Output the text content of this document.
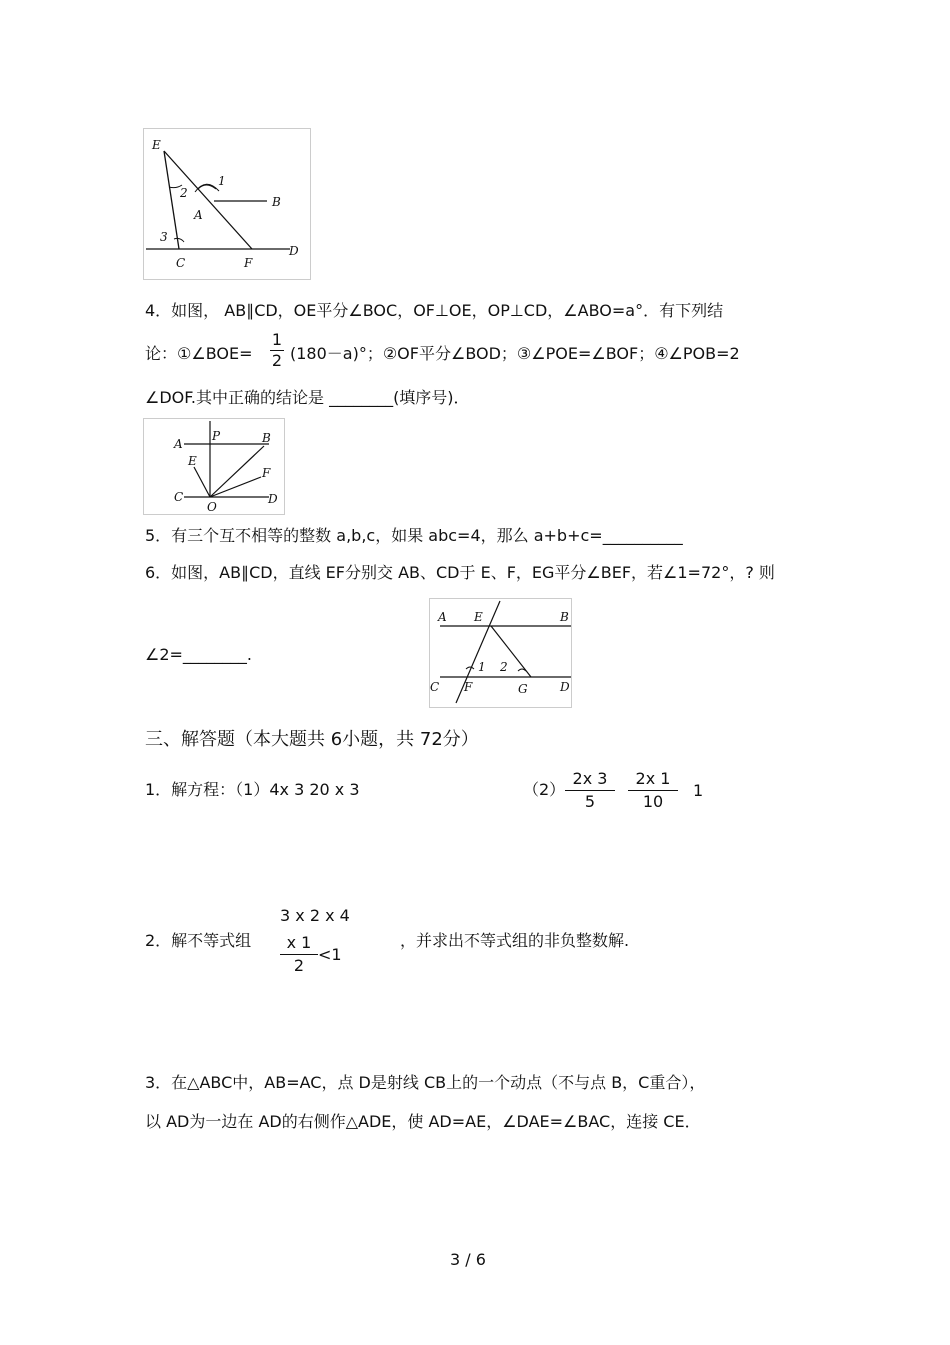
E
2
1
A
B
3
C	F
D
4．如图， AB∥CD，OE平分∠BOC，OF⊥OE，OP⊥CD，∠ABO=a°．有下列结
论：①∠BOE=
1
2 (180－a)°；②OF平分∠BOD；③∠POE=∠BOF；④∠POB=2
∠DOF.其中正确的结论是 ________(填序号)．
A
P	B
E
F
C
O
D
5．有三个互不相等的整数 a,b,c，如果 abc=4，那么 a+b+c=__________
6．如图，AB∥CD，直线 EF分别交 AB、CD于 E、F，EG平分∠BEF，若∠1=72°，? 则
∠2=________.
A E	B
1 2
C F	G	D
三、解答题（本大题共 6小题，共 72分）
1．解方程：（1）4x 3 20 x 3	（2）
2x 3
5
2x 1
10
1
3 x 2 x 4
2．解不等式组	x 1
2
<1
，并求出不等式组的非负整数解.
3．在△ABC中，AB=AC，点 D是射线 CB上的一个动点（不与点 B，C重合），
以 AD为一边在 AD的右侧作△ADE，使 AD=AE，∠DAE=∠BAC，连接 CE．
3 / 6
